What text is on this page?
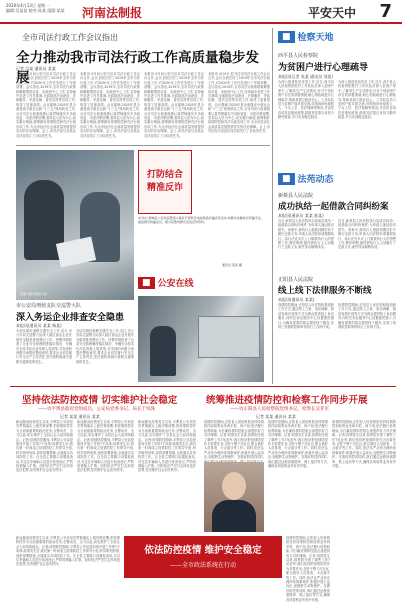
2020年4月13日 星期一
编辑:吴某某 校对:孙某 组版:某某 河南法制报	平安天中 7
全市司法行政工作会议指出
全力推动我市司法行政工作高质量稳步发展
记者 冯某 通讯员 某某
本报讯 4月9日,驻马店市司法行政工作会议召开,会议全面总结了2019年全市司法行政工作,对2020年工作任务进行了安排部署。会议指出,2019年,全市司法行政系统紧紧围绕市委、市政府中心工作,坚持稳中求进工作总基调,全面推进法治建设、法律服务、矛盾化解、普法宣传等各项工作,取得了显著成绩。会议强调,2020年是全面建成小康社会和"十三五"规划收官之年,全市司法行政系统要认真贯彻落实中央和省委、市委决策部署,坚持以人民为中心,切实履行职能,统筹做好疫情防控和司法行政各项工作,为全市经济社会高质量发展提供坚实的法治保障。会上,市司法局与各县区司法局签订了目标责任书。
本报讯 4月9日,驻马店市司法行政工作会议召开,会议全面总结了2019年全市司法行政工作,对2020年工作任务进行了安排部署。会议指出,2019年,全市司法行政系统紧紧围绕市委、市政府中心工作,坚持稳中求进工作总基调,全面推进法治建设、法律服务、矛盾化解、普法宣传等各项工作,取得了显著成绩。会议强调,2020年是全面建成小康社会和"十三五"规划收官之年,全市司法行政系统要认真贯彻落实中央和省委、市委决策部署,坚持以人民为中心,切实履行职能,统筹做好疫情防控和司法行政各项工作,为全市经济社会高质量发展提供坚实的法治保障。会上,市司法局与各县区司法局签订了目标责任书。
本报讯 4月9日,驻马店市司法行政工作会议召开,会议全面总结了2019年全市司法行政工作,对2020年工作任务进行了安排部署。会议指出,2019年,全市司法行政系统紧紧围绕市委、市政府中心工作,坚持稳中求进工作总基调,全面推进法治建设、法律服务、矛盾化解、普法宣传等各项工作,取得了显著成绩。会议强调,2020年是全面建成小康社会和"十三五"规划收官之年,全市司法行政系统要认真贯彻落实中央和省委、市委决策部署,坚持以人民为中心,切实履行职能,统筹做好疫情防控和司法行政各项工作,为全市经济社会高质量发展提供坚实的法治保障。会上,市司法局与各县区司法局签订了目标责任书。
本报讯 4月9日,驻马店市司法行政工作会议召开,会议全面总结了2019年全市司法行政工作,对2020年工作任务进行了安排部署。会议指出,2019年,全市司法行政系统紧紧围绕市委、市政府中心工作,坚持稳中求进工作总基调,全面推进法治建设、法律服务、矛盾化解、普法宣传等各项工作,取得了显著成绩。会议强调,2020年是全面建成小康社会和"十三五"规划收官之年,全市司法行政系统要认真贯彻落实中央和省委、市委决策部署,坚持以人民为中心,切实履行职能,统筹做好疫情防控和司法行政各项工作,为全市经济社会高质量发展提供坚实的法治保障。会上,市司法局与各县区司法局签订了目标责任书。
民警与群众现场交流
打防结合 精准反诈
4月8日,驿城区公安局民警深入辖区开展防范电信网络诈骗宣传活动,向群众讲解常见诈骗手法,提高群众防骗意识。图为民警向群众发放宣传资料。
通讯员 某某 摄
■ 公安在线
市公安局刑侦支队交巡警大队
深入务运企业排查安全隐患
本报讯(通讯员 某某 杨某)
为切实做好道路交通安全工作,近日,市公安局交巡警大队深入辖区客运企业开展安全隐患排查整治工作。民警详细检查了企业安全管理制度落实情况、车辆安全技术状况及驾驶人资质等,对发现的问题当场提出整改意见,要求企业切实履行安全生产主体责任,坚决预防和减少道路交通事故的发生。
为切实做好道路交通安全工作,近日,市公安局交巡警大队深入辖区客运企业开展安全隐患排查整治工作。民警详细检查了企业安全管理制度落实情况、车辆安全技术状况及驾驶人资质等,对发现的问题当场提出整改意见,要求企业切实履行安全生产主体责任,坚决预防和减少道路交通事故的发生。
■ 检察天地
西平县人民检察院
为贫困户进行心理疏导
本报讯(记者 张某 通讯员 刘某)
为深入推进扶贫攻坚工作,近日,西平县人民检察院驻村工作队队员深入贫困户家中,了解其生产生活情况,针对个别贫困户存在的消极情绪,耐心细致地进行心理疏导,帮助其树立脱贫信心。工作队队员与贫困户面对面交流,详细询问家庭收入、子女上学、医疗保障等情况,并宣传各项扶贫惠民政策,鼓励其依靠自身努力勤劳致富,早日实现稳定脱贫。
为深入推进扶贫攻坚工作,近日,西平县人民检察院驻村工作队队员深入贫困户家中,了解其生产生活情况,针对个别贫困户存在的消极情绪,耐心细致地进行心理疏导,帮助其树立脱贫信心。工作队队员与贫困户面对面交流,详细询问家庭收入、子女上学、医疗保障等情况,并宣传各项扶贫惠民政策,鼓励其依靠自身努力勤劳致富,早日实现稳定脱贫。
■ 法苑动态
新蔡县人民法院
成功执结一起借款合同纠纷案
本报讯(通讯员 某某 陈某)
近日,新蔡县人民法院执行局成功执结一起借款合同纠纷案件,为申请人挽回经济损失。该案中,被执行人借款到期后拒不履行还款义务,申请人向法院申请强制执行。执行法官多次上门做被执行人的思想工作,释法明理,最终被执行人主动履行了还款义务,案件得以顺利执结。
近日,新蔡县人民法院执行局成功执结一起借款合同纠纷案件,为申请人挽回经济损失。该案中,被执行人借款到期后拒不履行还款义务,申请人向法院申请强制执行。执行法官多次上门做被执行人的思想工作,释法明理,最终被执行人主动履行了还款义务,案件得以顺利执结。
正阳县人民法院
线上线下法律服务不断线
本报讯(通讯员 某某)
疫情防控期间,正阳县人民法院积极创新工作方式,通过网上立案、电话调解、微信视频开庭等方式为群众提供线上诉讼服务,同时在诉讼服务中心设置便民窗口,为确有需要的群众提供线下服务,实现了疫情防控和审判执行工作两不误。
疫情防控期间,正阳县人民法院积极创新工作方式,通过网上立案、电话调解、微信视频开庭等方式为群众提供线上诉讼服务,同时在诉讼服务中心设置便民窗口,为确有需要的群众提供线下服务,实现了疫情防控和审判执行工作两不误。
坚持依法防控疫情 切实维护社会稳定
——访平舆县政府党组成员、公安局党委书记、局长于凤珠
记者 某某 通讯员 某某
新冠肺炎疫情发生以来,平舆县公安局坚决贯彻落实上级决策部署,把疫情防控作为当前最重要的政治任务,全警动员、全力以赴,切实维护了全县社会大局持续稳定。记者:疫情防控期间,平舆县公安局是如何开展工作的?于凤珠:疫情发生后,我们第一时间成立疫情防控工作领导小组,科学研判形势,周密部署措施,全面落实各项防控工作。在全县主要路口设置检查站,对过往车辆和人员进行检查登记,严防疫情输入扩散。同时依法严厉打击涉疫违法犯罪,坚决维护社会治安秩序。
新冠肺炎疫情发生以来,平舆县公安局坚决贯彻落实上级决策部署,把疫情防控作为当前最重要的政治任务,全警动员、全力以赴,切实维护了全县社会大局持续稳定。记者:疫情防控期间,平舆县公安局是如何开展工作的?于凤珠:疫情发生后,我们第一时间成立疫情防控工作领导小组,科学研判形势,周密部署措施,全面落实各项防控工作。在全县主要路口设置检查站,对过往车辆和人员进行检查登记,严防疫情输入扩散。同时依法严厉打击涉疫违法犯罪,坚决维护社会治安秩序。
新冠肺炎疫情发生以来,平舆县公安局坚决贯彻落实上级决策部署,把疫情防控作为当前最重要的政治任务,全警动员、全力以赴,切实维护了全县社会大局持续稳定。记者:疫情防控期间,平舆县公安局是如何开展工作的?于凤珠:疫情发生后,我们第一时间成立疫情防控工作领导小组,科学研判形势,周密部署措施,全面落实各项防控工作。在全县主要路口设置检查站,对过往车辆和人员进行检查登记,严防疫情输入扩散。同时依法严厉打击涉疫违法犯罪,坚决维护社会治安秩序。
统筹推进疫情防控和检察工作同步开展
——访正阳县人民检察院党组书记、检察长吴亚军
记者 某某 通讯员 某某
疫情防控期间,正阳县人民检察院坚持疫情防控和检察业务两手抓、两不误,依法履行检察职能,为打赢疫情防控阻击战提供有力司法保障。记者:疫情发生以来,检察院开展了哪些工作?吴亚军:我们坚持把疫情防控作为首要任务,全院干警下沉社区,配合做好人员排查、卡点值守等工作。同时,依法从严从快办理涉疫刑事案件,积极开展公益诉讼,加强野生动物保护。在做好防控的同时,
疫情防控期间,正阳县人民检察院坚持疫情防控和检察业务两手抓、两不误,依法履行检察职能,为打赢疫情防控阻击战提供有力司法保障。记者:疫情发生以来,检察院开展了哪些工作?吴亚军:我们坚持把疫情防控作为首要任务,全院干警下沉社区,配合做好人员排查、卡点值守等工作。同时,依法从严从快办理涉疫刑事案件,积极开展公益诉讼,加强野生动物保护。在做好防控的同时,我们通过远程视频提审、网上接访等方式,确保各项检察业务有序开展。
疫情防控期间,正阳县人民检察院坚持疫情防控和检察业务两手抓、两不误,依法履行检察职能,为打赢疫情防控阻击战提供有力司法保障。记者:疫情发生以来,检察院开展了哪些工作?吴亚军:我们坚持把疫情防控作为首要任务,全院干警下沉社区,配合做好人员排查、卡点值守等工作。同时,依法从严从快办理涉疫刑事案件,积极开展公益诉讼,加强野生动物保护。在做好防控的同时,我们通过远程视频提审、网上接访等方式,确保各项检察业务有序开展。
依法防控疫情 维护安全稳定
——全市政法系统在行动
新冠肺炎疫情发生以来,平舆县公安局坚决贯彻落实上级决策部署,把疫情防控作为当前最重要的政治任务,全警动员、全力以赴,切实维护了全县社会大局持续稳定。记者:疫情防控期间,平舆县公安局是如何开展工作的?于凤珠:疫情发生后,我们第一时间成立疫情防控工作领导小组,科学研判形势,周密部署措施,全面落实各项防控工作。在全县主要路口设置检查站,对过往车辆和人员进行检查登记,严防疫情输入扩散。同时依法严厉打击涉疫违法犯罪,坚决维护社会治安秩序。
疫情防控期间,正阳县人民检察院坚持疫情防控和检察业务两手抓、两不误,依法履行检察职能,为打赢疫情防控阻击战提供有力司法保障。记者:疫情发生以来,检察院开展了哪些工作?吴亚军:我们坚持把疫情防控作为首要任务,全院干警下沉社区,配合做好人员排查、卡点值守等工作。同时,依法从严从快办理涉疫刑事案件,积极开展公益诉讼,加强野生动物保护。在做好防控的同时,我们通过远程视频提审、网上接访等方式,确保各项检察业务有序开展。
